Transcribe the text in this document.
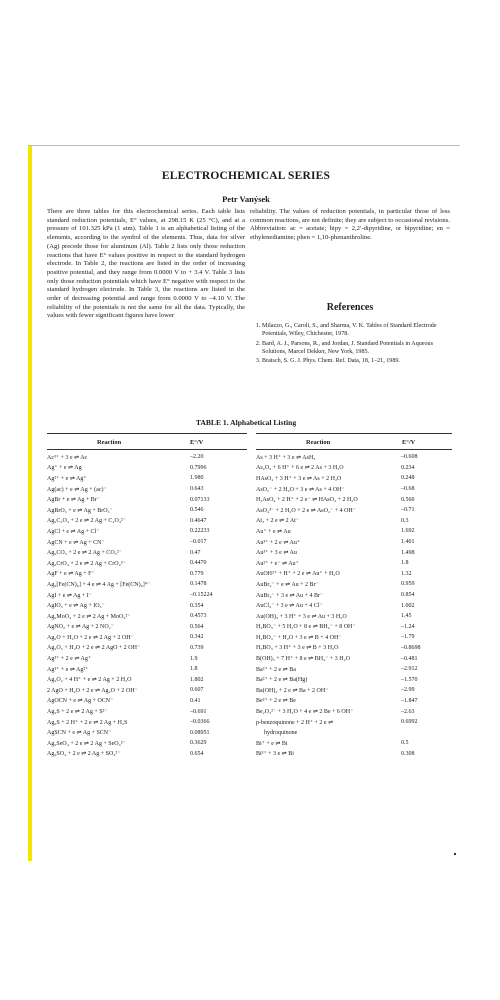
ELECTROCHEMICAL SERIES
Petr Vanýsek

There are three tables for this electrochemical series. Each table lists standard reduction potentials, E° values, at 298.15 K (25 °C), and at a pressure of 101.325 kPa (1 atm). Table 1 is an alphabetical listing of the elements, according to the symbol of the elements. Thus, data for silver (Ag) precede those for aluminum (Al). Table 2 lists only those reduction reactions that have E° values positive in respect to the standard hydrogen electrode. In Table 2, the reactions are listed in the order of increasing positive potential, and they range from 0.0000 V to + 3.4 V. Table 3 lists only those reduction potentials which have E° negative with respect to the standard hydrogen electrode. In Table 3, the reactions are listed in the order of decreasing potential and range from 0.0000 V to –4.10 V. The reliability of the potentials is not the same for all the data. Typically, the values with fewer significant figures have lower

reliability. The values of reduction potentials, in particular those of less common reactions, are not definite; they are subject to occasional revisions.

Abbreviation: ac = acetate; bipy = 2,2′-dipyridine, or bipyridine; en = ethylenediamine; phen = 1,10-phenanthroline.

References
1. Milazzo, G., Caroli, S., and Sharma, V. K. Tables of Standard Electrode Potentials, Wiley, Chichester, 1978.
2. Bard, A. J., Parsons, R., and Jordan, J. Standard Potentials in Aqueous Solutions, Marcel Dekker, New York, 1985.
3. Bratsch, S. G. J. Phys. Chem. Ref. Data, 18, 1–21, 1989.
TABLE 1. Alphabetical Listing
Reaction	E°/V	Reaction	E°/V
Ac³⁺ + 3 e ⇌ Ac	–2.20
Ag⁺ + e ⇌ Ag	0.7996
Ag²⁺ + e ⇌ Ag⁺	1.980
Ag(ac) + e ⇌ Ag + (ac)⁻	0.643
AgBr + e ⇌ Ag + Br⁻	0.07133
AgBrO₃ + e ⇌ Ag + BrO₃⁻	0.546
Ag₂C₂O₄ + 2 e ⇌ 2 Ag + C₂O₄²⁻	0.4647
AgCl + e ⇌ Ag + Cl⁻	0.22233
AgCN + e ⇌ Ag + CN⁻	–0.017
Ag₂CO₃ + 2 e ⇌ 2 Ag + CO₃²⁻	0.47
Ag₂CrO₄ + 2 e ⇌ 2 Ag + CrO₄²⁻	0.4470
AgF + e ⇌ Ag + F⁻	0.779
Ag₄[Fe(CN)₆] + 4 e ⇌ 4 Ag + [Fe(CN)₆]⁴⁻	0.1478
AgI + e ⇌ Ag + I⁻	–0.15224
AgIO₃ + e ⇌ Ag + IO₃⁻	0.354
Ag₂MoO₄ + 2 e ⇌ 2 Ag + MoO₄²⁻	0.4573
AgNO₂ + e ⇌ Ag + 2 NO₂⁻	0.564
Ag₂O + H₂O + 2 e ⇌ 2 Ag + 2 OH⁻	0.342
Ag₂O₃ + H₂O + 2 e ⇌ 2 AgO + 2 OH⁻	0.739
Ag³⁺ + 2 e ⇌ Ag⁺	1.9
Ag³⁺ + e ⇌ Ag²⁺	1.8
Ag₂O₂ + 4 H⁺ + e ⇌ 2 Ag + 2 H₂O	1.802
2 AgO + H₂O + 2 e ⇌ Ag₂O + 2 OH⁻	0.607
AgOCN + e ⇌ Ag + OCN⁻	0.41
Ag₂S + 2 e ⇌ 2 Ag + S²⁻	–0.691
Ag₂S + 2 H⁺ + 2 e ⇌ 2 Ag + H₂S	–0.0366
AgSCN + e ⇌ Ag + SCN⁻	0.08951
Ag₂SeO₄ + 2 e ⇌ 2 Ag + SeO₄²⁻	0.3629
Ag₂SO₄ + 2 e ⇌ 2 Ag + SO₄²⁻	0.654
As + 3 H⁺ + 3 e ⇌ AsH₃	–0.608
As₂O₃ + 6 H⁺ + 6 e ⇌ 2 As + 3 H₂O	0.234
HAsO₂ + 3 H⁺ + 3 e ⇌ As + 2 H₂O	0.248
AsO₂⁻ + 2 H₂O + 3 e ⇌ As + 4 OH⁻	–0.68
H₃AsO₄ + 2 H⁺ + 2 e⁻ ⇌ HAsO₂ + 2 H₂O	0.560
AsO₄³⁻ + 2 H₂O + 2 e ⇌ AsO₂⁻ + 4 OH⁻	–0.71
At₂ + 2 e ⇌ 2 At⁻	0.3
Au⁺ + e ⇌ Au	1.692
Au³⁺ + 2 e ⇌ Au⁺	1.401
Au³⁺ + 3 e ⇌ Au	1.498
Au²⁺ + e⁻ ⇌ Au⁺	1.8
AuOH²⁺ + H⁺ + 2 e ⇌ Au⁺ + H₂O	1.32
AuBr₂⁻ + e ⇌ Au + 2 Br⁻	0.959
AuBr₄⁻ + 3 e ⇌ Au + 4 Br⁻	0.854
AuCl₄⁻ + 3 e ⇌ Au + 4 Cl⁻	1.002
Au(OH)₃ + 3 H⁺ + 3 e ⇌ Au + 3 H₂O	1.45
H₂BO₃⁻ + 5 H₂O + 8 e ⇌ BH₄⁻ + 8 OH⁻	–1.24
H₂BO₃⁻ + H₂O + 3 e ⇌ B + 4 OH⁻	–1.79
H₃BO₃ + 3 H⁺ + 3 e ⇌ B + 3 H₂O	–0.8698
B(OH)₃ + 7 H⁺ + 8 e ⇌ BH₄⁻ + 3 H₂O	–0.481
Ba²⁺ + 2 e ⇌ Ba	–2.912
Ba²⁺ + 2 e ⇌ Ba(Hg)	–1.570
Ba(OH)₂ + 2 e ⇌ Ba + 2 OH⁻	–2.99
Be²⁺ + 2 e ⇌ Be	–1.847
Be₂O₃²⁻ + 3 H₂O + 4 e ⇌ 2 Be + 6 OH⁻	–2.63
p-benzoquinone + 2 H⁺ + 2 e ⇌	0.6992
hydroquinone
Bi⁺ + e ⇌ Bi	0.5
Bi³⁺ + 3 e ⇌ Bi	0.308
